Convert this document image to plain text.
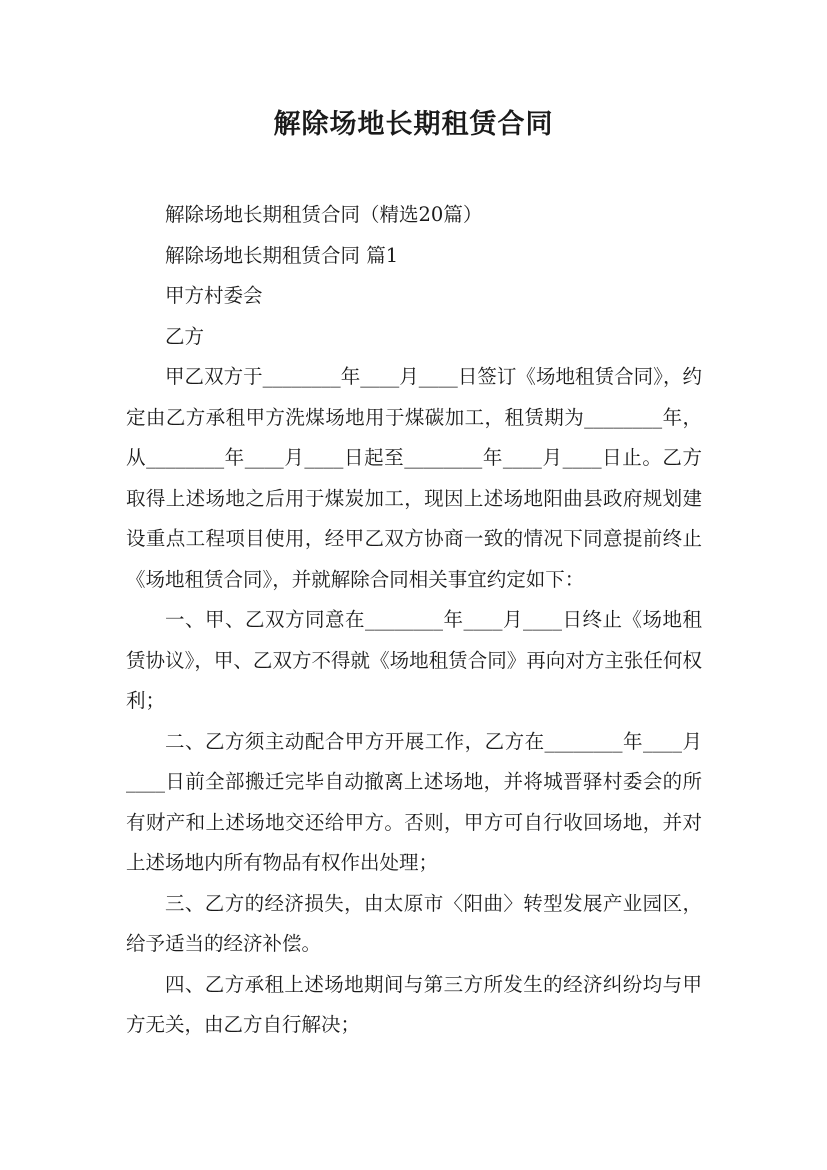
解除场地长期租赁合同

解除场地长期租赁合同（精选20篇）

解除场地长期租赁合同 篇1

甲方村委会

乙方

甲乙双方于________年____月____日签订《场地租赁合同》，约定由乙方承租甲方洗煤场地用于煤碳加工，租赁期为________年，从________年____月____日起至________年____月____日止。乙方取得上述场地之后用于煤炭加工，现因上述场地阳曲县政府规划建设重点工程项目使用，经甲乙双方协商一致的情况下同意提前终止《场地租赁合同》，并就解除合同相关事宜约定如下：

一、甲、乙双方同意在________年____月____日终止《场地租赁协议》，甲、乙双方不得就《场地租赁合同》再向对方主张任何权利；

二、乙方须主动配合甲方开展工作，乙方在________年____月____日前全部搬迁完毕自动撤离上述场地，并将城晋驿村委会的所有财产和上述场地交还给甲方。否则，甲方可自行收回场地，并对上述场地内所有物品有权作出处理；

三、乙方的经济损失，由太原市〈阳曲〉转型发展产业园区，给予适当的经济补偿。

四、乙方承租上述场地期间与第三方所发生的经济纠纷均与甲方无关，由乙方自行解决；
